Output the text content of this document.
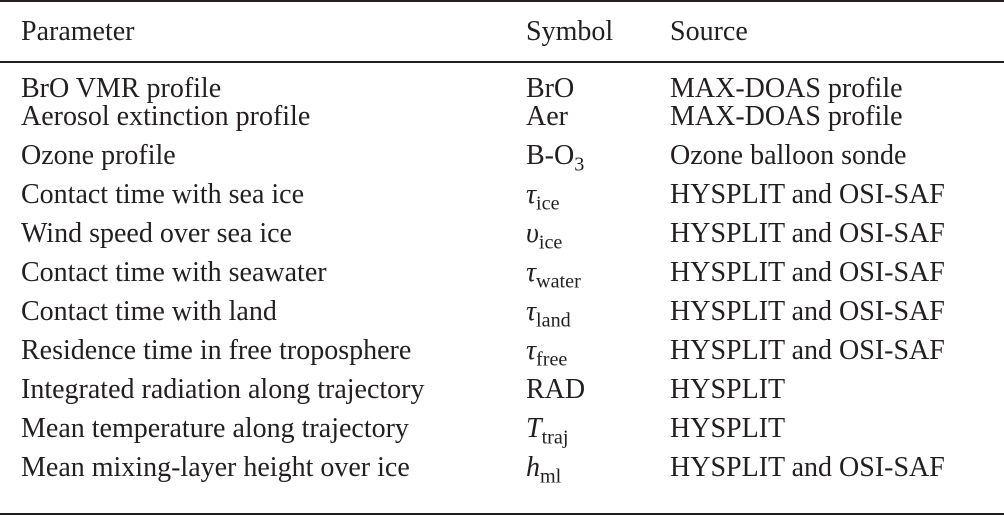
Parameter	Symbol	Source
BrO VMR profile	BrO	MAX-DOAS profile
Aerosol extinction profile	Aer	MAX-DOAS profile
Ozone profile	$B-O_3$	Ozone balloon sonde
Contact time with sea ice	$\tau_{ice}$	HYSPLIT and OSI-SAF
Wind speed over sea ice	$\upsilon_{ice}$	HYSPLIT and OSI-SAF
Contact time with seawater	$\tau_{water}$	HYSPLIT and OSI-SAF
Contact time with land	$\tau_{land}$	HYSPLIT and OSI-SAF
Residence time in free troposphere	$\tau_{free}$	HYSPLIT and OSI-SAF
Integrated radiation along trajectory	RAD	HYSPLIT
Mean temperature along trajectory	$T_{traj}$	HYSPLIT
Mean mixing-layer height over ice	$h_{ml}$	HYSPLIT and OSI-SAF
